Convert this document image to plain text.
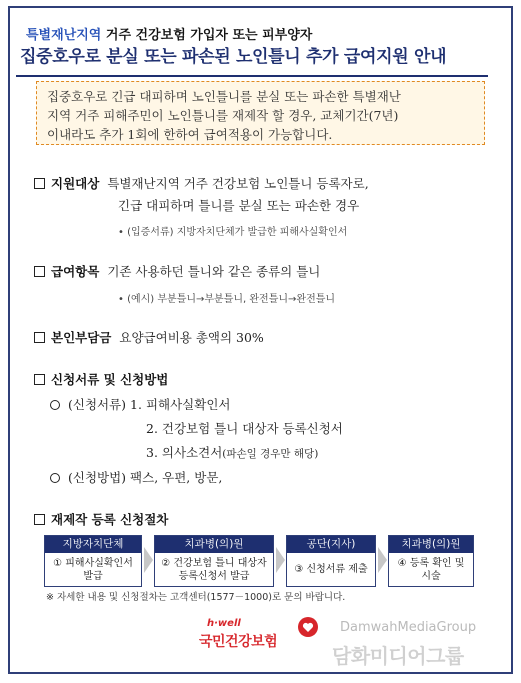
특별재난지역 거주 건강보험 가입자 또는 피부양자
집중호우로 분실 또는 파손된 노인틀니 추가 급여지원 안내
집중호우로 긴급 대피하며 노인틀니를 분실 또는 파손한 특별재난
지역 거주 피해주민이 노인틀니를 재제작 할 경우, 교체기간(7년)
이내라도 추가 1회에 한하여 급여적용이 가능합니다.
지원대상 특별재난지역 거주 건강보험 노인틀니 등록자로,
긴급 대피하며 틀니를 분실 또는 파손한 경우
• (입증서류) 지방자치단체가 발급한 피해사실확인서
급여항목 기존 사용하던 틀니와 같은 종류의 틀니
• (예시) 부분틀니→부분틀니, 완전틀니→완전틀니
본인부담금 요양급여비용 총액의 30%
신청서류 및 신청방법
(신청서류) 1. 피해사실확인서
2. 건강보험 틀니 대상자 등록신청서
3. 의사소견서(파손일 경우만 해당)
(신청방법) 팩스, 우편, 방문,
재제작 등록 신청절차
지방자치단체
① 피해사실확인서
발급
치과병(의)원
② 건강보험 틀니 대상자
등록신청서 발급
공단(지사)
③ 신청서류 제출
치과병(의)원
④ 등록 확인 및
시술
※ 자세한 내용 및 신청절차는 고객센터(1577－1000)로 문의 바랍니다.
h·well
국민건강보험
DamwahMediaGroup
담화미디어그룹
